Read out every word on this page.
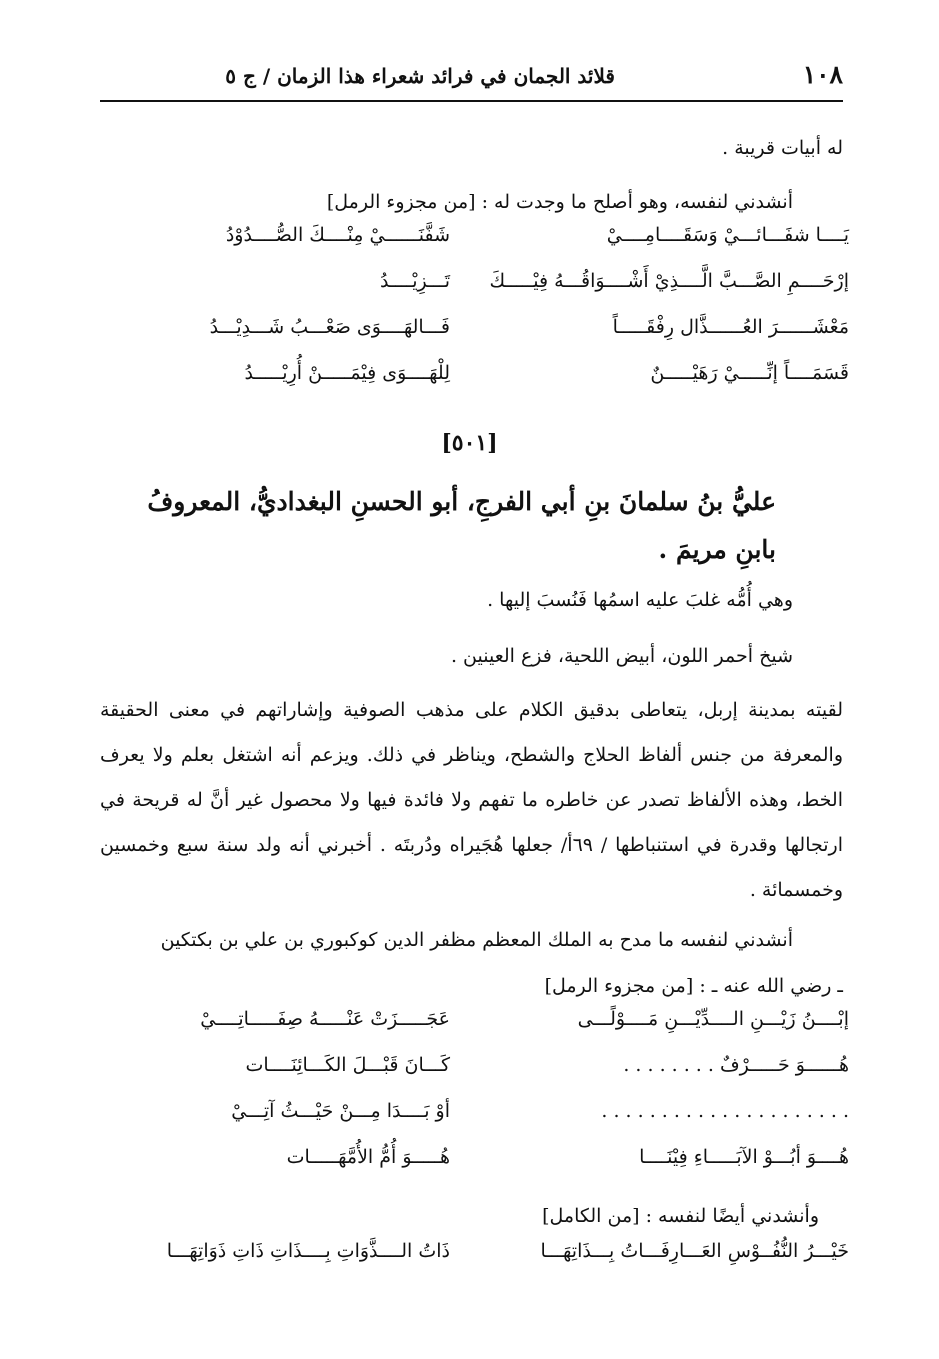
١٠٨
قلائد الجمان في فرائد شعراء هذا الزمان / ج ٥
له أبيات قريبة .
أنشدني لنفسه، وهو أصلح ما وجدت له : [من مجزوء الرمل]
يَــــا شفَـــائـــيْ وَسَقَــــامِــــيْ
شَفَّنَــــــيْ مِنْــــكَ الصُّــــدُوْدُ
إرْحَــــمِ الصَّـــبَّ الَّــــذِيْ أَشْــــوَاقُـــهُ فِيْـــــكَ
تَـــزِيْــــدُ
مَعْشَــــــرَ العُــــــذَّال رِفْقَـــــاً
فَـــالهَــــوَى صَعْـــبُ شَـــدِيْـــدُ
قَسَمَــــاً إنِّـــــيْ رَهَيْـــــنٌ
لِلْهَــــوَى فِيْمَـــــنْ أُرِيْـــــدُ
[٥٠١]
عليُّ بنُ سلمانَ بنِ أبي الفرجِ، أبو الحسنِ البغداديُّ، المعروفُ بابنِ مريمَ .
وهي أُمُّه غلبَ عليه اسمُها فَنُسبَ إليها .
شيخ أحمر اللون، أبيض اللحية، فزع العينين .
لقيته بمدينة إربل، يتعاطى بدقيق الكلام على مذهب الصوفية وإشاراتهم في معنى الحقيقة والمعرفة من جنس ألفاظ الحلاج والشطح، ويناظر في ذلك. ويزعم أنه اشتغل بعلم ولا يعرف الخط، وهذه الألفاظ تصدر عن خاطره ما تفهم ولا فائدة فيها ولا محصول غير أنَّ له قريحة في ارتجالها وقدرة في استنباطها / ٦٩أ/ جعلها هُجَيراه ودُربتَه . أخبرني أنه ولد سنة سبع وخمسين وخمسمائة .
أنشدني لنفسه ما مدح به الملك المعظم مظفر الدين كوكبوري بن علي بن بكتكين
ـ رضي الله عنه ـ : [من مجزوء الرمل]
إبْــــنُ زَيْـــنِ الــــدِّيْـــنِ مَــــوْلًـــى
عَجَـــــزَتْ عَنْـــــهُ صِفَـــــاتِــــيْ
هُــــــوَ حَـــــرْفٌ . . . . . . . .
كَـــانَ قَبْـــلَ الكَـــائِنَــــات
. . . . . . . . . . . . . . . . . . . . .
أوْ بَــــدَا مِـــنْ حَيْـــثُ آتِـــيْ
هُــــوَ أبُـــوْ الآبَـــــاءِ فِيْنَــــا
هُـــــوَ أُمُّ الأُمَّهَـــــات
وأنشدني أيضًا لنفسه : [من الكامل]
خَيْـــرُ النُّفُــوْسِ العَـــارِفَـــاتُ بِـــذَاتِهَـــا
ذَاتُ الــــذَّوَاتِ بِــــذَاتِ ذَاتِ ذَوَاتِهَـــا
